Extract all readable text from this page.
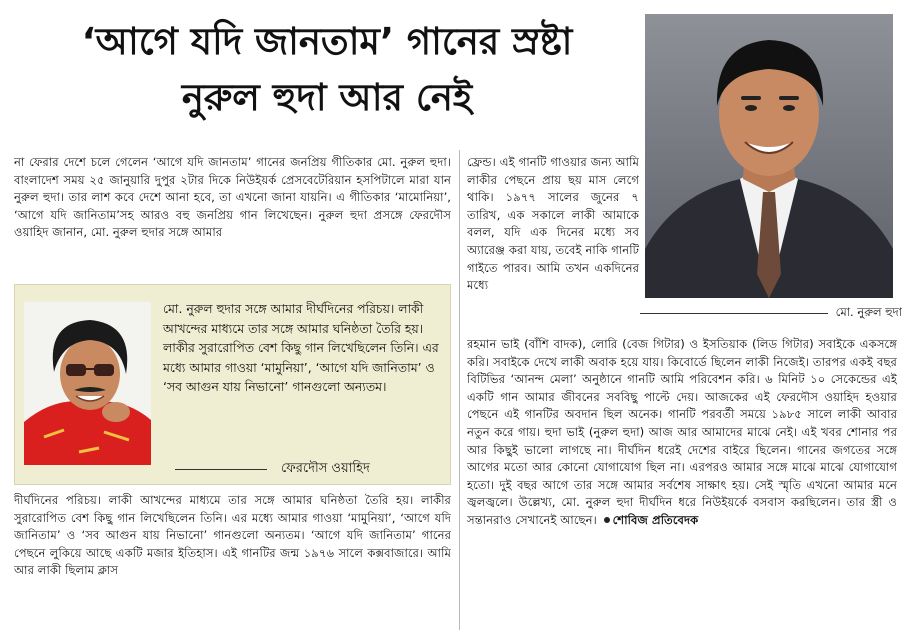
‘আগে যদি জানতাম’ গানের স্রষ্টা
নুরুল হুদা আর নেই
মো. নুরুল হুদা

না ফেরার দেশে চলে গেলেন ‘আগে যদি জানতাম’ গানের জনপ্রিয় গীতিকার মো. নুরুল হুদা। বাংলাদেশ সময় ২৫ জানুয়ারি দুপুর ২টার দিকে নিউইয়র্ক প্রেসবেটেরিয়ান হসপিটালে মারা যান নুরুল হুদা। তার লাশ কবে দেশে আনা হবে, তা এখনো জানা যায়নি। এ গীতিকার ‘মামোনিয়া’, ‘আগে যদি জানিতাম’সহ আরও বহু জনপ্রিয় গান লিখেছেন। নুরুল হুদা প্রসঙ্গে ফেরদৌস ওয়াহিদ জানান, মো. নুরুল হুদার সঙ্গে আমার

মো. নুরুল হুদার সঙ্গে আমার দীর্ঘদিনের পরিচয়। লাকী আখন্দের মাধ্যমে তার সঙ্গে আমার ঘনিষ্ঠতা তৈরি হয়। লাকীর সুরারোপিত বেশ কিছু গান লিখেছিলেন তিনি। এর মধ্যে আমার গাওয়া ‘মামুনিয়া’, ‘আগে যদি জানিতাম’ ও ‘সব আগুন যায় নিভানো’ গানগুলো অন্যতম।

ফেরদৌস ওয়াহিদ

দীর্ঘদিনের পরিচয়। লাকী আখন্দের মাধ্যমে তার সঙ্গে আমার ঘনিষ্ঠতা তৈরি হয়। লাকীর সুরারোপিত বেশ কিছু গান লিখেছিলেন তিনি। এর মধ্যে আমার গাওয়া ‘মামুনিয়া’, ‘আগে যদি জানিতাম’ ও ‘সব আগুন যায় নিভানো’ গানগুলো অন্যতম। ‘আগে যদি জানিতাম’ গানের পেছনে লুকিয়ে আছে একটি মজার ইতিহাস। এই গানটির জন্ম ১৯৭৬ সালে কক্সবাজারে। আমি আর লাকী ছিলাম ক্লাস

ফ্রেন্ড। এই গানটি গাওয়ার জন্য আমি লাকীর পেছনে প্রায় ছয় মাস লেগে থাকি। ১৯৭৭ সালের জুনের ৭ তারিখ, এক সকালে লাকী আমাকে বলল, যদি এক দিনের মধ্যে সব অ্যারেঞ্জ করা যায়, তবেই নাকি গানটি গাইতে পারব। আমি তখন একদিনের মধ্যে

রহমান ভাই (বাঁশি বাদক), লোরি (বেজ গিটার) ও ইসতিয়াক (লিড গিটার) সবাইকে একসঙ্গে করি। সবাইকে দেখে লাকী অবাক হয়ে যায়। কিবোর্ডে ছিলেন লাকী নিজেই। তারপর একই বছর বিটিভির ‘আনন্দ মেলা’ অনুষ্ঠানে গানটি আমি পরিবেশন করি। ৬ মিনিট ১০ সেকেন্ডের এই একটি গান আমার জীবনের সববিছু পাল্টে দেয়। আজকের এই ফেরদৌস ওয়াহিদ হওয়ার পেছনে এই গানটির অবদান ছিল অনেক। গানটি পরবর্তী সময়ে ১৯৮৫ সালে লাকী আবার নতুন করে গায়। হুদা ভাই (নুরুল হুদা) আজ আর আমাদের মাঝে নেই। এই খবর শোনার পর আর কিছুই ভালো লাগছে না। দীর্ঘদিন ধরেই দেশের বাইরে ছিলেন। গানের জগতের সঙ্গে আগের মতো আর কোনো যোগাযোগ ছিল না। এরপরও আমার সঙ্গে মাঝে মাঝে যোগাযোগ হতো। দুই বছর আগে তার সঙ্গে আমার সর্বশেষ সাক্ষাৎ হয়। সেই স্মৃতি এখনো আমার মনে জ্বলজ্বলে। উল্লেখ্য, মো. নুরুল হুদা দীর্ঘদিন ধরে নিউইয়র্কে বসবাস করছিলেন। তার স্ত্রী ও সন্তানরাও সেখানেই আছেন। শোবিজ প্রতিবেদক
